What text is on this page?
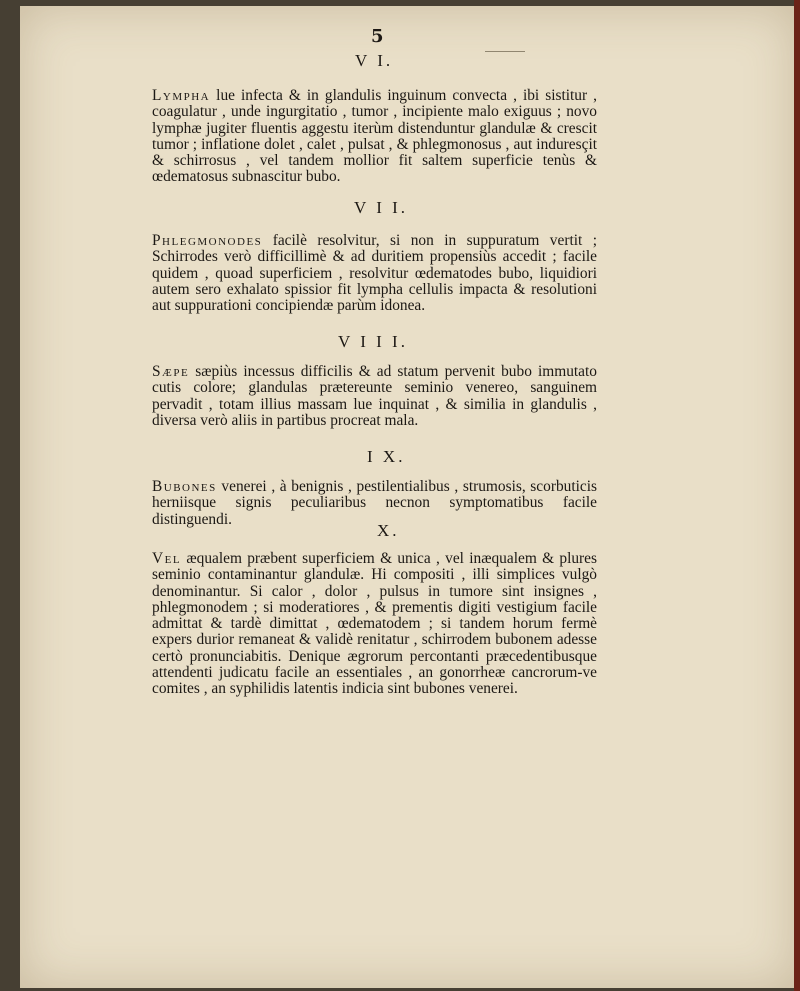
5
V I.

Lympha lue infecta & in glandulis inguinum convecta , ibi sistitur , coagulatur , unde ingurgitatio , tumor , incipiente malo exiguus ; novo lymphæ jugiter fluentis aggestu iterùm distenduntur glandulæ & crescit tumor ; inflatione dolet , calet , pulsat , & phlegmonosus , aut induresçit & schirrosus , vel tandem mollior fit saltem superficie tenùs & œdematosus subnascitur bubo.

V I I.

Phlegmonodes facilè resolvitur, si non in suppuratum vertit ; Schirrodes verò difficillimè & ad duritiem propensiùs accedit ; facile quidem , quoad superficiem , resolvitur œdematodes bubo, liquidiori autem sero exhalato spissior fit lympha cellulis impacta & resolutioni aut suppurationi concipiendæ parùm idonea.

V I I I.

Sæpe sæpiùs incessus difficilis & ad statum pervenit bubo immutato cutis colore; glandulas prætereunte seminio venereo, sanguinem pervadit , totam illius massam lue inquinat , & similia in glandulis , diversa verò aliis in partibus procreat mala.

I X.

Bubones venerei , à benignis , pestilentialibus , strumosis, scorbuticis herniisque signis peculiaribus necnon symptomatibus facile distinguendi.

X.

Vel æqualem præbent superficiem & unica , vel inæqualem & plures seminio contaminantur glandulæ. Hi compositi , illi simplices vulgò denominantur. Si calor , dolor , pulsus in tumore sint insignes , phlegmonodem ; si moderatiores , & prementis digiti vestigium facile admittat & tardè dimittat , œdematodem ; si tandem horum fermè expers durior remaneat & validè renitatur , schirrodem bubonem adesse certò pronunciabitis. Denique ægrorum percontanti præcedentibusque attendenti judicatu facile an essentiales , an gonorrheæ cancrorum-ve comites , an syphilidis latentis indicia sint bubones venerei.
